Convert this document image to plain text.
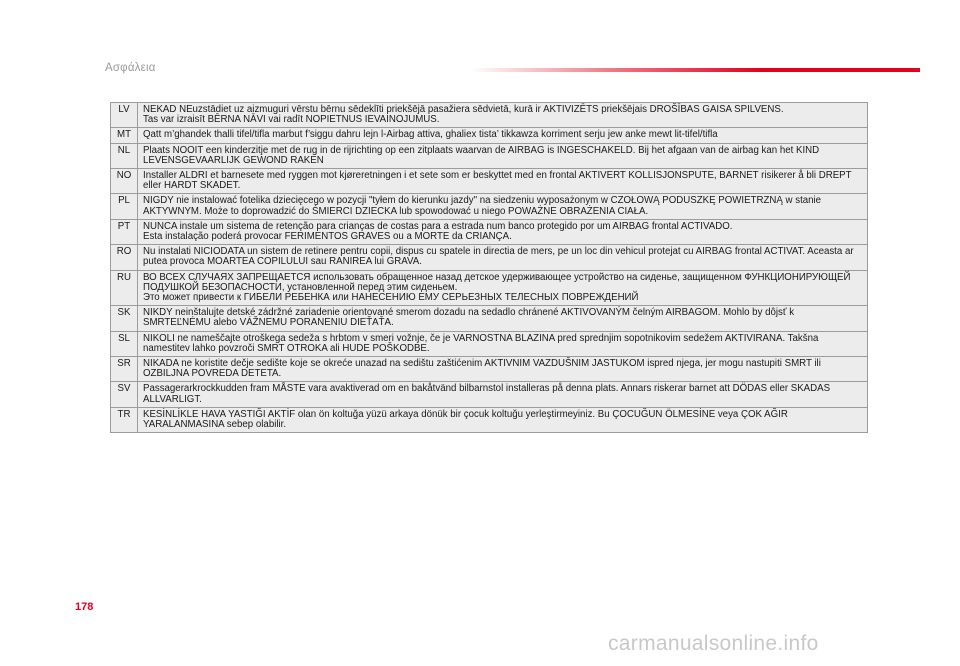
Ασφάλεια
LV	NEKAD NEuzstādiet uz aizmuguri vērstu bērnu sēdeklīti priekšējā pasažiera sēdvietā, kurā ir AKTIVIZĒTS priekšējais DROŠĪBAS GAISA SPILVENS.
Tas var izraisīt BĒRNA NĀVI vai radīt NOPIETNUS IEVAINOJUMUS.
MT	Qatt m’ghandek thalli tifel/tifla marbut f’siggu dahru lejn l-Airbag attiva, ghaliex tista’ tikkawza korriment serju jew anke mewt lit-tifel/tifla
NL	Plaats NOOIT een kinderzitje met de rug in de rijrichting op een zitplaats waarvan de AIRBAG is INGESCHAKELD. Bij het afgaan van de airbag kan het KIND LEVENSGEVAARLIJK GEWOND RAKEN
NO	Installer ALDRI et barnesete med ryggen mot kjøreretningen i et sete som er beskyttet med en frontal AKTIVERT KOLLISJONSPUTE, BARNET risikerer å bli DREPT eller HARDT SKADET.
PL	NIGDY nie instalować fotelika dziecięcego w pozycji "tyłem do kierunku jazdy" na siedzeniu wyposażonym w CZOŁOWĄ PODUSZKĘ POWIETRZNĄ w stanie AKTYWNYM. Może to doprowadzić do ŚMIERCI DZIECKA lub spowodować u niego POWAŻNE OBRAŻENIA CIAŁA.
PT	NUNCA instale um sistema de retenção para crianças de costas para a estrada num banco protegido por um AIRBAG frontal ACTIVADO.
Esta instalação poderá provocar FERIMENTOS GRAVES ou a MORTE da CRIANÇA.
RO	Nu instalati NICIODATA un sistem de retinere pentru copii, dispus cu spatele in directia de mers, pe un loc din vehicul protejat cu AIRBAG frontal ACTIVAT. Aceasta ar putea provoca MOARTEA COPILULUI sau RANIREA lui GRAVA.
RU	ВО ВСЕХ СЛУЧАЯХ ЗАПРЕЩАЕТСЯ использовать обращенное назад детское удерживающее устройство на сиденье, защищенном ФУНКЦИОНИРУЮЩЕЙ ПОДУШКОЙ БЕЗОПАСНОСТИ, установленной перед этим сиденьем.
Это может привести к ГИБЕЛИ РЕБЕНКА или НАНЕСЕНИЮ ЕМУ СЕРЬЕЗНЫХ ТЕЛЕСНЫХ ПОВРЕЖДЕНИЙ
SK	NIKDY neinštalujte detské zádržné zariadenie orientované smerom dozadu na sedadlo chránené AKTIVOVANÝM čelným AIRBAGOM. Mohlo by dôjsť k SMRTEĽNÉMU alebo VÁŽNEMU PORANENIU DIEŤAŤA.
SL	NIKOLI ne nameščajte otroškega sedeža s hrbtom v smeri vožnje, če je VARNOSTNA BLAZINA pred sprednjim sopotnikovim sedežem AKTIVIRANA. Takšna namestitev lahko povzroči SMRT OTROKA ali HUDE POŠKODBE.
SR	NIKADA ne koristite dečje sedište koje se okreće unazad na sedištu zaštićenim AKTIVNIM VAZDUŠNIM JASTUKOM ispred njega, jer mogu nastupiti SMRT ili OZBILJNA POVREDA DETETA.
SV	Passagerarkrockkudden fram MÅSTE vara avaktiverad om en bakåtvänd bilbarnstol installeras på denna plats. Annars riskerar barnet att DÖDAS eller SKADAS ALLVARLIGT.
TR	KESİNLİKLE HAVA YASTIĞI AKTİF olan ön koltuğa yüzü arkaya dönük bir çocuk koltuğu yerleştirmeyiniz. Bu ÇOCUĞUN ÖLMESİNE veya ÇOK AĞIR YARALANMASINA sebep olabilir.
178
carmanualsonline.info
